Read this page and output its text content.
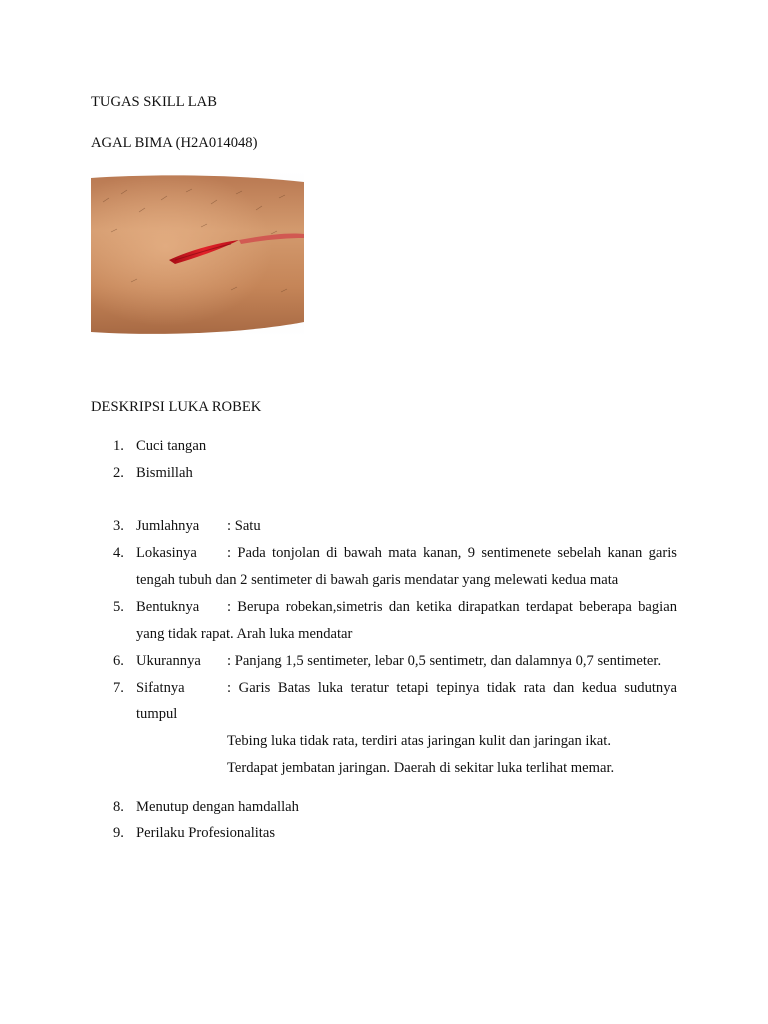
TUGAS SKILL LAB
AGAL BIMA (H2A014048)
DESKRIPSI LUKA ROBEK
1. Cuci tangan
2. Bismillah
3. Jumlahnya : Satu
4. Lokasinya : Pada tonjolan di bawah mata kanan, 9 sentimenete sebelah kanan garis
tengah tubuh dan 2 sentimeter di bawah garis mendatar yang melewati kedua mata
5. Bentuknya : Berupa robekan,simetris dan ketika dirapatkan terdapat beberapa bagian
yang tidak rapat. Arah luka mendatar
6. Ukurannya : Panjang 1,5 sentimeter, lebar 0,5 sentimetr, dan dalamnya 0,7 sentimeter.
7. Sifatnya	: Garis Batas luka teratur tetapi tepinya tidak rata dan kedua sudutnya
tumpul
Tebing luka tidak rata, terdiri atas jaringan kulit dan jaringan ikat.
Terdapat jembatan jaringan. Daerah di sekitar luka terlihat memar.
8. Menutup dengan hamdallah
9. Perilaku Profesionalitas
